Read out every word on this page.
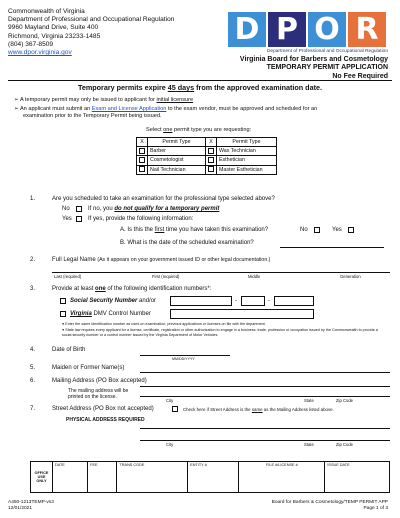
Commonwealth of Virginia
Department of Professional and Occupational Regulation
9960 Mayland Drive, Suite 400
Richmond, Virginia 23233-1485
(804) 367-8509
www.dpor.virginia.gov
D P O R
Department of Professional and Occupational Regulation
Virginia Board for Barbers and Cosmetology
TEMPORARY PERMIT APPLICATION
No Fee Required
Temporary permits expire 45 days from the approved examination date.
➢ A temporary permit may only be issued to applicant for initial licensure
➢ An applicant must submit an Exam and License Application to the exam vendor, must be approved and scheduled for an
examination prior to the Temporary Permit being issued.
Select one permit type you are requesting:
X	Permit Type	X	Permit Type
	Barber		Wax Technician
	Cosmetologist		Esthetician
	Nail Technician		Master Esthetician
1.	Are you scheduled to take an examination for the professional type selected above?
No	If no, you do not qualify for a temporary permit
Yes	If yes, provide the following information:
A. Is this the first time you have taken this examination?	No	Yes
B. What is the date of the scheduled examination?
2.	Full Legal Name (As it appears on your government issued ID or other legal documentation.)
Last (required)	First (required)	Middle	Generation
3.	Provide at least one of the following identification numbers*:
Social Security Number and/or	-	-
Virginia DMV Control Number
● Enter the same identification number as used on examination, previous applications or licenses on file with the department.
● State law requires every applicant for a license, certificate, registration or other authorization to engage in a business, trade, profession or occupation issued by the Commonwealth to provide a social security number or a control number issued by the Virginia Department of Motor Vehicles.
4.	Date of Birth
MM/DD/YYYY
5.	Maiden or Former Name(s)
6.	Mailing Address (PO Box accepted)
The mailing address will be printed on the license.
City	State	Zip Code
7.	Street Address (PO Box not accepted)
PHYSICAL ADDRESS REQUIRED
Check here if Street Address is the same as the Mailing Address listed above.
City	State	Zip Code
OFFICE USE ONLY	DATE	FEE	TRANS CODE	ENTITY #	FILE #/LICENSE #	ISSUE DATE
A450-1213TEMP-vs3
12/01/2021
Board for Barbers & Cosmetology/TEMP PERMIT APP
Page 1 of 3
